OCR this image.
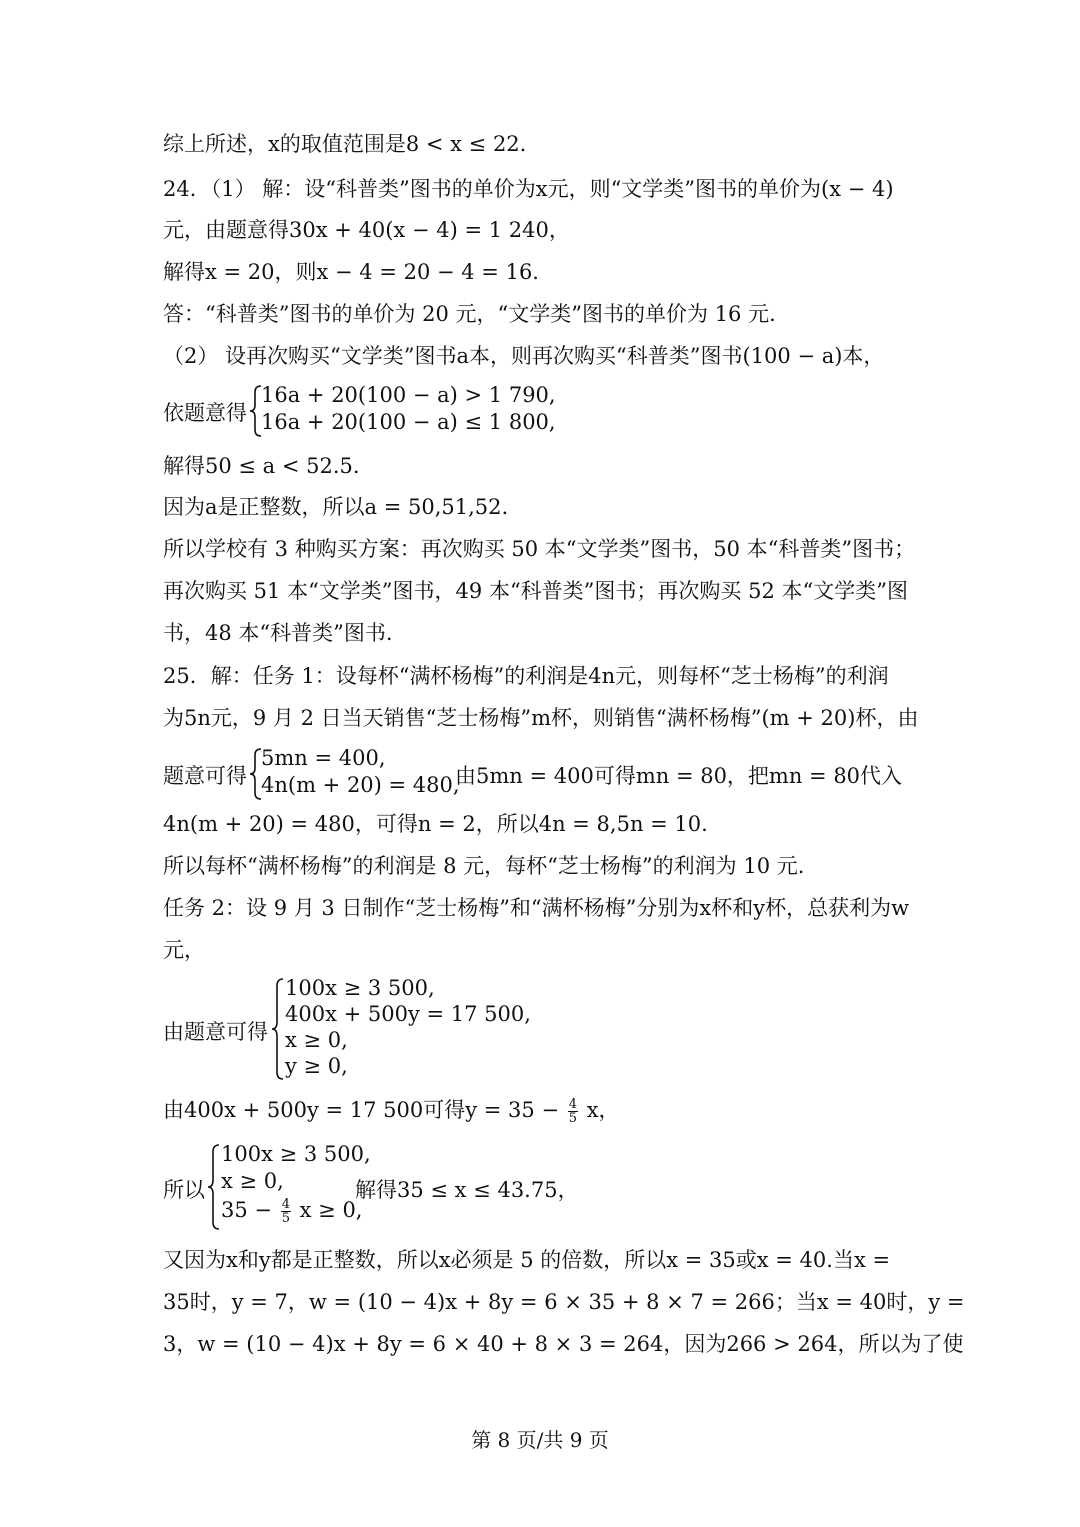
综上所述，x的取值范围是8 < x ≤ 22.
24．（1） 解：设“科普类”图书的单价为x元，则“文学类”图书的单价为(x − 4)
元，由题意得30x + 40(x − 4) = 1 240，
解得x = 20，则x − 4 = 20 − 4 = 16.
答：“科普类”图书的单价为 20 元，“文学类”图书的单价为 16 元.
（2） 设再次购买“文学类”图书a本，则再次购买“科普类”图书(100 − a)本，
依题意得
16a + 20(100 − a) > 1 790,
16a + 20(100 − a) ≤ 1 800,
解得50 ≤ a < 52.5.
因为a是正整数，所以a = 50,51,52.
所以学校有 3 种购买方案：再次购买 50 本“文学类”图书，50 本“科普类”图书；
再次购买 51 本“文学类”图书，49 本“科普类”图书；再次购买 52 本“文学类”图
书，48 本“科普类”图书.
25．解：任务 1：设每杯“满杯杨梅”的利润是4n元，则每杯“芝士杨梅”的利润
为5n元，9 月 2 日当天销售“芝士杨梅”m杯，则销售“满杯杨梅”(m + 20)杯，由
题意可得
5mn = 400,
4n(m + 20) = 480,
由5mn = 400可得mn = 80，把mn = 80代入
4n(m + 20) = 480，可得n = 2，所以4n = 8,5n = 10.
所以每杯“满杯杨梅”的利润是 8 元，每杯“芝士杨梅”的利润为 10 元.
任务 2：设 9 月 3 日制作“芝士杨梅”和“满杯杨梅”分别为x杯和y杯，总获利为w
元，
由题意可得
100x ≥ 3 500,
400x + 500y = 17 500,
x ≥ 0,
y ≥ 0,
由400x + 500y = 17 500可得$y = 35 - \frac{4}{5}$ x，
所以
100x ≥ 3 500,
x ≥ 0,
$35 - \frac{4}{5}$ x ≥ 0,
解得35 ≤ x ≤ 43.75，
又因为x和y都是正整数，所以x必须是 5 的倍数，所以x = 35或x = 40.当x =
35时，y = 7，w = (10 − 4)x + 8y = 6 × 35 + 8 × 7 = 266；当x = 40时，y =
3，w = (10 − 4)x + 8y = 6 × 40 + 8 × 3 = 264，因为266 > 264，所以为了使
第 8 页/共 9 页
